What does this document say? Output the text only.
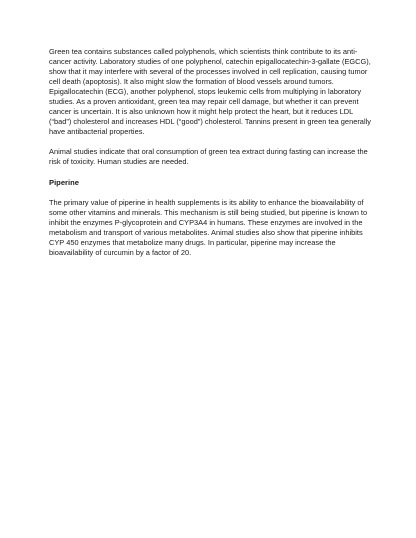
Green tea contains substances called polyphenols, which scientists think contribute to its anti-cancer activity. Laboratory studies of one polyphenol, catechin epigallocatechin-3-gallate (EGCG), show that it may interfere with several of the processes involved in cell replication, causing tumor cell death (apoptosis). It also might slow the formation of blood vessels around tumors. Epigallocatechin (ECG), another polyphenol, stops leukemic cells from multiplying in laboratory studies. As a proven antioxidant, green tea may repair cell damage, but whether it can prevent cancer is uncertain. It is also unknown how it might help protect the heart, but it reduces LDL (“bad”) cholesterol and increases HDL (“good”) cholesterol. Tannins present in green tea generally have antibacterial properties.

Animal studies indicate that oral consumption of green tea extract during fasting can increase the risk of toxicity. Human studies are needed.

Piperine

The primary value of piperine in health supplements is its ability to enhance the bioavailability of some other vitamins and minerals. This mechanism is still being studied, but piperine is known to inhibit the enzymes P-glycoprotein and CYP3A4 in humans. These enzymes are involved in the metabolism and transport of various metabolites. Animal studies also show that piperine inhibits CYP 450 enzymes that metabolize many drugs. In particular, piperine may increase the bioavailability of curcumin by a factor of 20.
